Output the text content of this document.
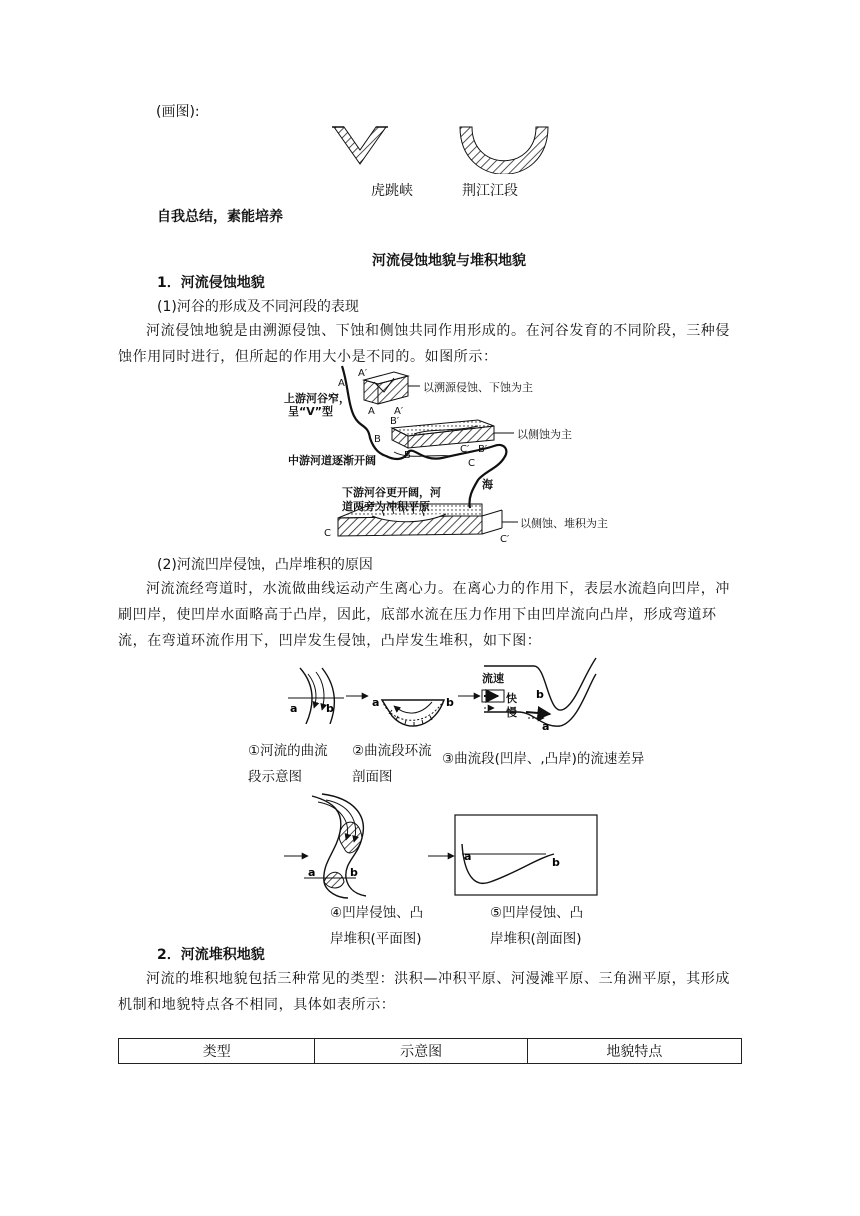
(画图):
虎跳峡	荆江江段
自我总结，素能培养
河流侵蚀地貌与堆积地貌
1．河流侵蚀地貌
(1)河谷的形成及不同河段的表现
河流侵蚀地貌是由溯源侵蚀、下蚀和侧蚀共同作用形成的。在河谷发育的不同阶段，三种侵蚀作用同时进行，但所起的作用大小是不同的。如图所示：
以溯源侵蚀、下蚀为主
上游河谷窄，
呈“V”型
以侧蚀为主
中游河道逐渐开阔
下游河谷更开阔，河
道两旁为冲积平原
以侧蚀、堆积为主
海
A
A
A′
A′
B
B
B′
B′
C
C
C′
C′
(2)河流凹岸侵蚀，凸岸堆积的原因
河流流经弯道时，水流做曲线运动产生离心力。在离心力的作用下，表层水流趋向凹岸，冲刷凹岸，使凹岸水面略高于凸岸，因此，底部水流在压力作用下由凹岸流向凸岸，形成弯道环流，在弯道环流作用下，凹岸发生侵蚀，凸岸发生堆积，如下图：
a	b	a	b
b
a
流速
快
慢
①河流的曲流段示意图
②曲流段环流剖面图
③曲流段(凹岸、,凸岸)的流速差异
a	b
a	b
④凹岸侵蚀、凸岸堆积(平面图)
⑤凹岸侵蚀、凸岸堆积(剖面图)
2．河流堆积地貌
河流的堆积地貌包括三种常见的类型：洪积—冲积平原、河漫滩平原、三角洲平原，其形成机制和地貌特点各不相同，具体如表所示：
类型	示意图	地貌特点
